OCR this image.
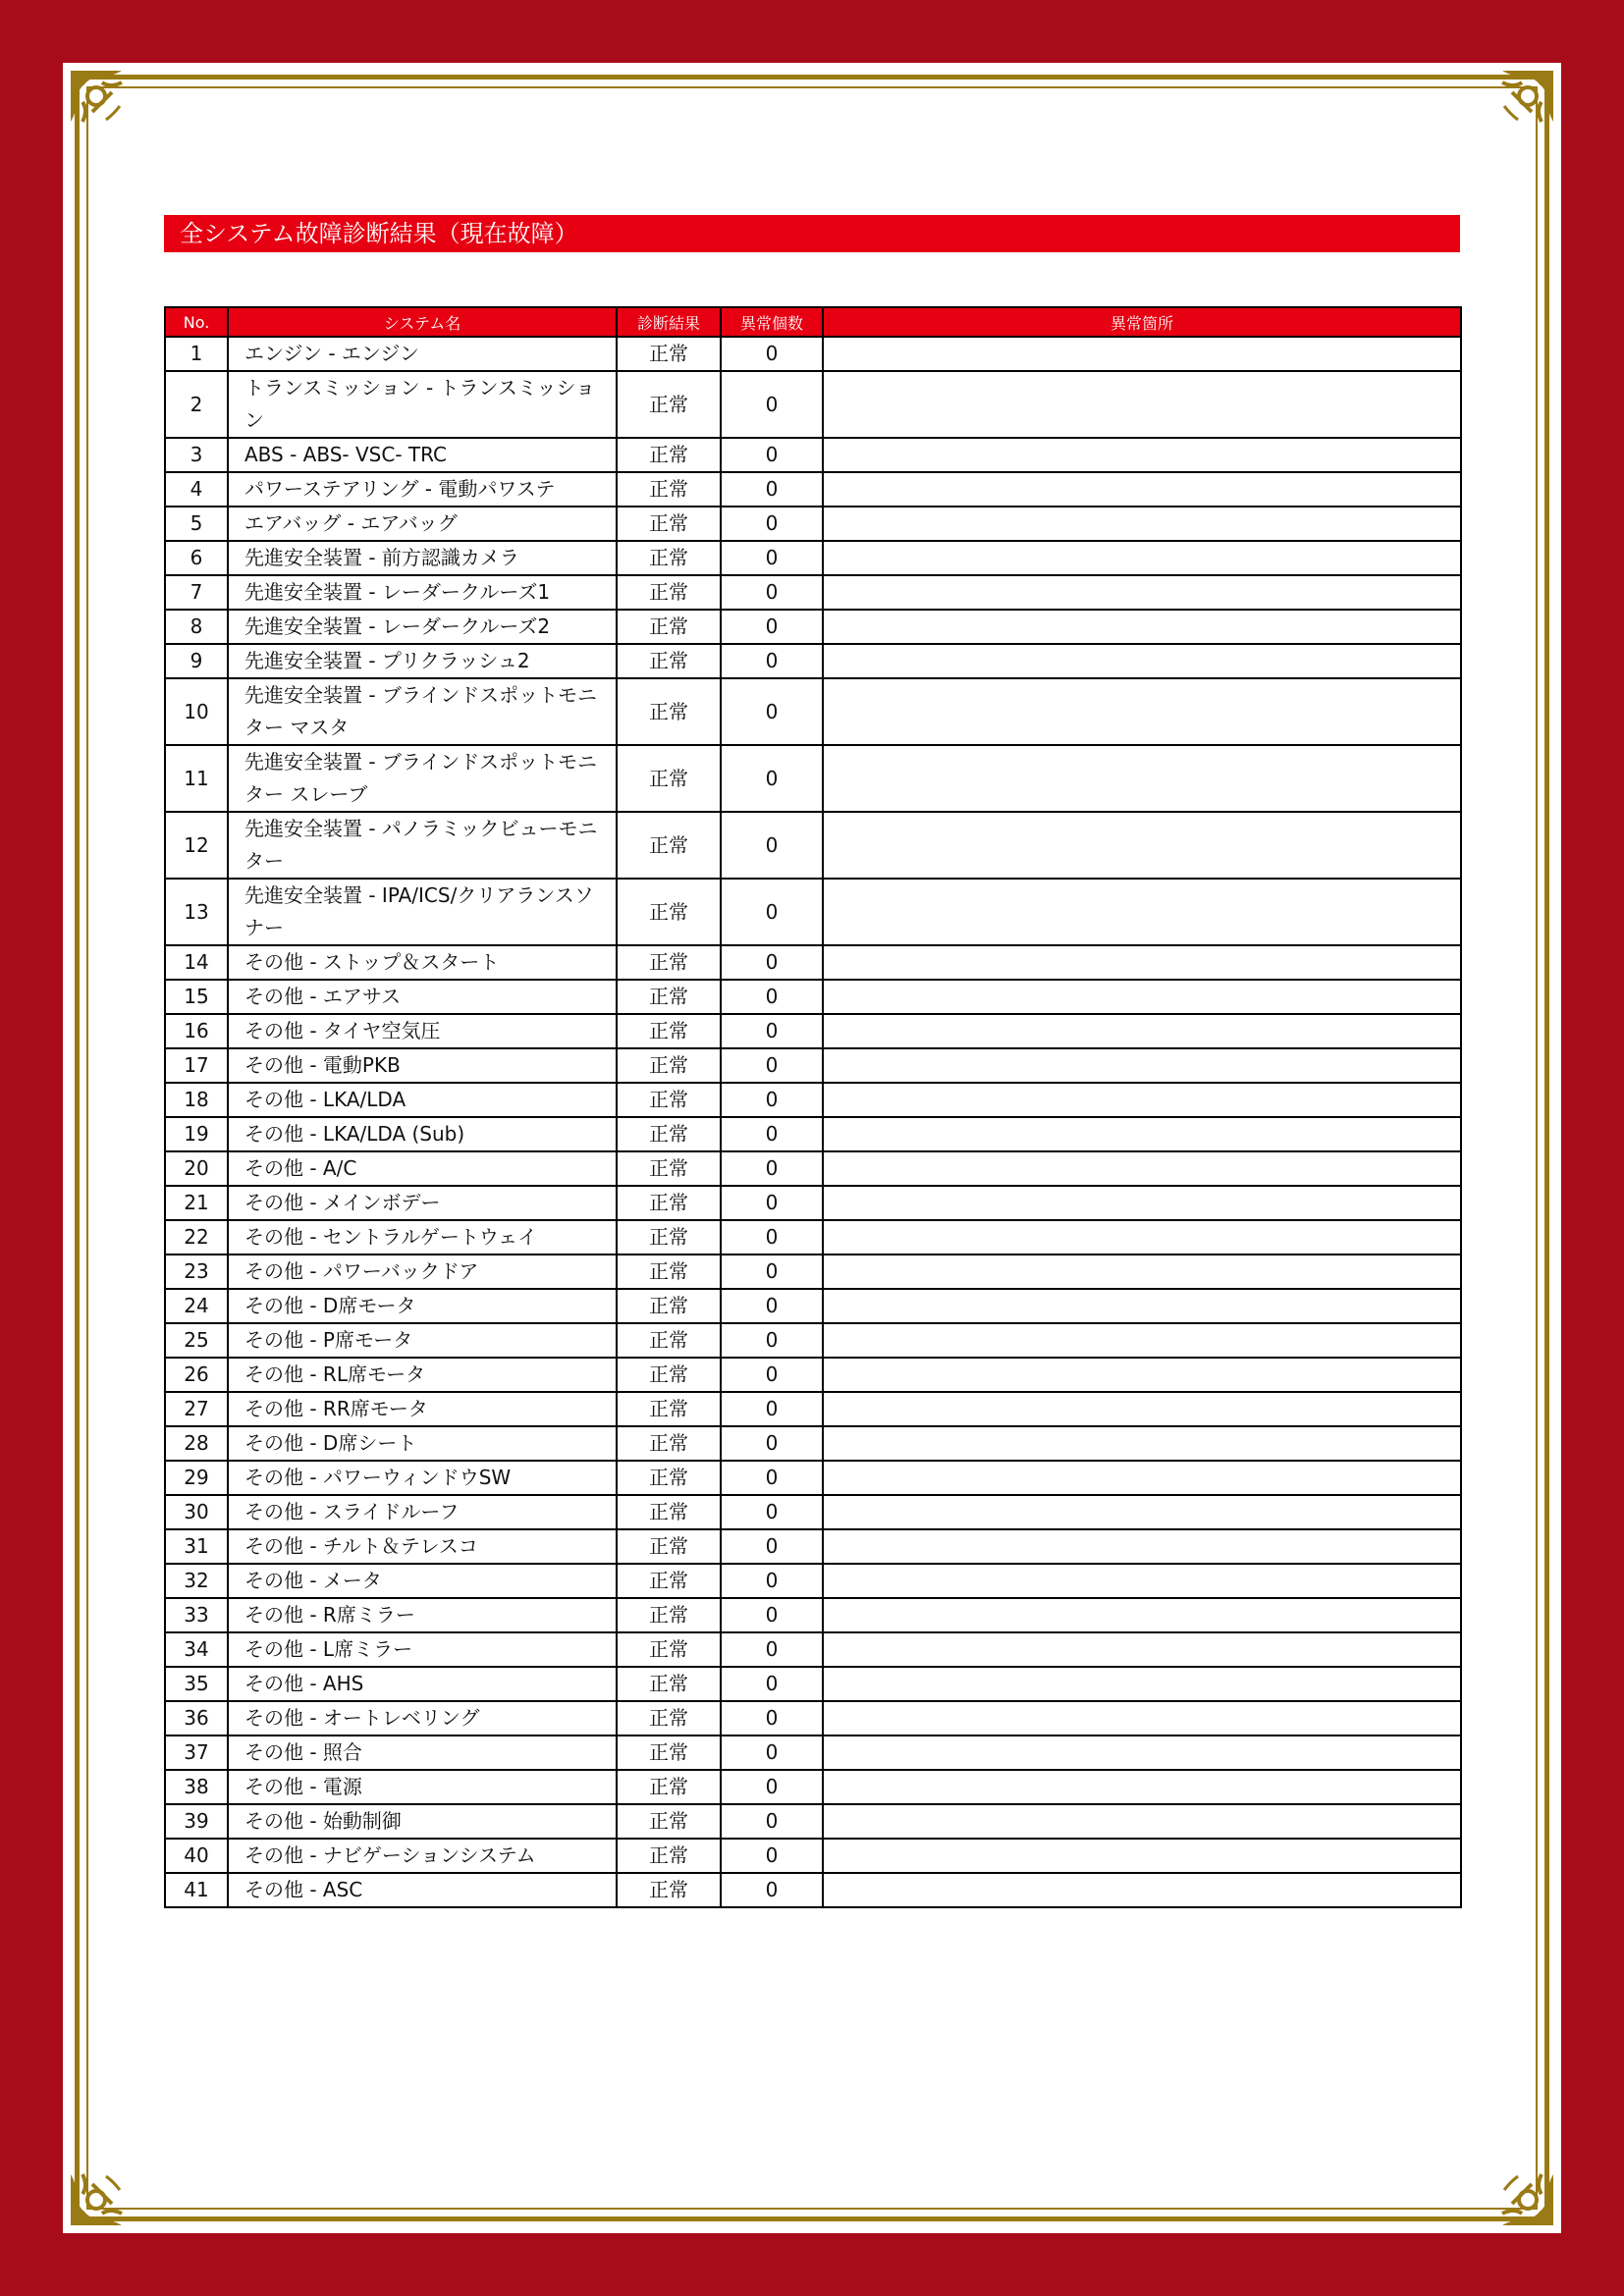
全システム故障診断結果（現在故障）
No.	システム名	診断結果	異常個数	異常箇所
1	エンジン - エンジン	正常	0	
2	トランスミッション - トランスミッション	正常	0	
3	ABS - ABS- VSC- TRC	正常	0	
4	パワーステアリング - 電動パワステ	正常	0	
5	エアバッグ - エアバッグ	正常	0	
6	先進安全装置 - 前方認識カメラ	正常	0	
7	先進安全装置 - レーダークルーズ1	正常	0	
8	先進安全装置 - レーダークルーズ2	正常	0	
9	先進安全装置 - プリクラッシュ2	正常	0	
10	先進安全装置 - ブラインドスポットモニター マスタ	正常	0	
11	先進安全装置 - ブラインドスポットモニター スレーブ	正常	0	
12	先進安全装置 - パノラミックビューモニター	正常	0	
13	先進安全装置 - IPA/ICS/クリアランスソナー	正常	0	
14	その他 - ストップ＆スタート	正常	0	
15	その他 - エアサス	正常	0	
16	その他 - タイヤ空気圧	正常	0	
17	その他 - 電動PKB	正常	0	
18	その他 - LKA/LDA	正常	0	
19	その他 - LKA/LDA (Sub)	正常	0	
20	その他 - A/C	正常	0	
21	その他 - メインボデー	正常	0	
22	その他 - セントラルゲートウェイ	正常	0	
23	その他 - パワーバックドア	正常	0	
24	その他 - D席モータ	正常	0	
25	その他 - P席モータ	正常	0	
26	その他 - RL席モータ	正常	0	
27	その他 - RR席モータ	正常	0	
28	その他 - D席シート	正常	0	
29	その他 - パワーウィンドウSW	正常	0	
30	その他 - スライドルーフ	正常	0	
31	その他 - チルト＆テレスコ	正常	0	
32	その他 - メータ	正常	0	
33	その他 - R席ミラー	正常	0	
34	その他 - L席ミラー	正常	0	
35	その他 - AHS	正常	0	
36	その他 - オートレベリング	正常	0	
37	その他 - 照合	正常	0	
38	その他 - 電源	正常	0	
39	その他 - 始動制御	正常	0	
40	その他 - ナビゲーションシステム	正常	0	
41	その他 - ASC	正常	0	
